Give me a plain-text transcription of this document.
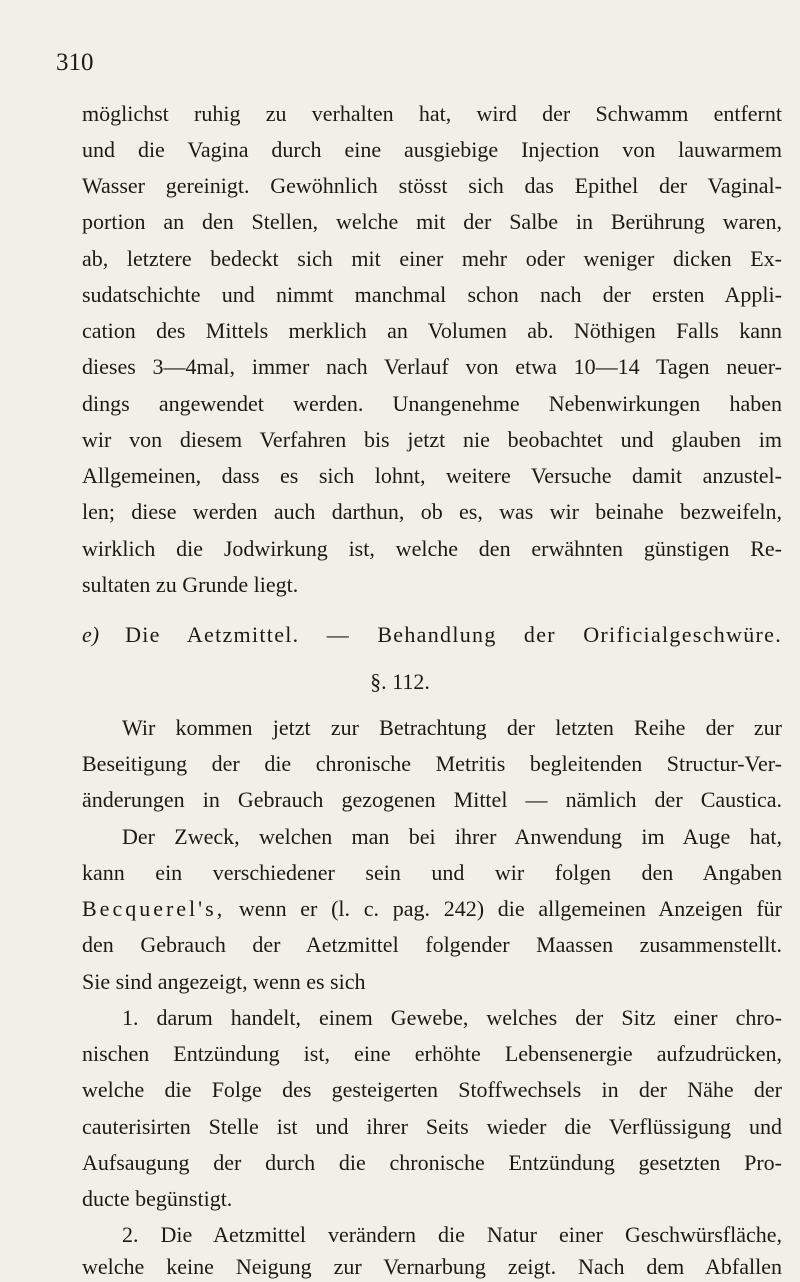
310
möglichst ruhig zu verhalten hat, wird der Schwamm entfernt
und die Vagina durch eine ausgiebige Injection von lauwarmem
Wasser gereinigt. Gewöhnlich stösst sich das Epithel der Vaginal-
portion an den Stellen, welche mit der Salbe in Berührung waren,
ab, letztere bedeckt sich mit einer mehr oder weniger dicken Ex-
sudatschichte und nimmt manchmal schon nach der ersten Appli-
cation des Mittels merklich an Volumen ab. Nöthigen Falls kann
dieses 3—4mal, immer nach Verlauf von etwa 10—14 Tagen neuer-
dings angewendet werden. Unangenehme Nebenwirkungen haben
wir von diesem Verfahren bis jetzt nie beobachtet und glauben im
Allgemeinen, dass es sich lohnt, weitere Versuche damit anzustel-
len; diese werden auch darthun, ob es, was wir beinahe bezweifeln,
wirklich die Jodwirkung ist, welche den erwähnten günstigen Re-
sultaten zu Grunde liegt.
e) Die Aetzmittel. — Behandlung der Orificialgeschwüre.
§. 112.
Wir kommen jetzt zur Betrachtung der letzten Reihe der zur
Beseitigung der die chronische Metritis begleitenden Structur-Ver-
änderungen in Gebrauch gezogenen Mittel — nämlich der Caustica.
Der Zweck, welchen man bei ihrer Anwendung im Auge hat,
kann ein verschiedener sein und wir folgen den Angaben
Becquerel's, wenn er (l. c. pag. 242) die allgemeinen Anzeigen für
den Gebrauch der Aetzmittel folgender Maassen zusammenstellt.
Sie sind angezeigt, wenn es sich
1. darum handelt, einem Gewebe, welches der Sitz einer chro-
nischen Entzündung ist, eine erhöhte Lebensenergie aufzudrücken,
welche die Folge des gesteigerten Stoffwechsels in der Nähe der
cauterisirten Stelle ist und ihrer Seits wieder die Verflüssigung und
Aufsaugung der durch die chronische Entzündung gesetzten Pro-
ducte begünstigt.
2. Die Aetzmittel verändern die Natur einer Geschwürsfläche,
welche keine Neigung zur Vernarbung zeigt. Nach dem Abfallen
